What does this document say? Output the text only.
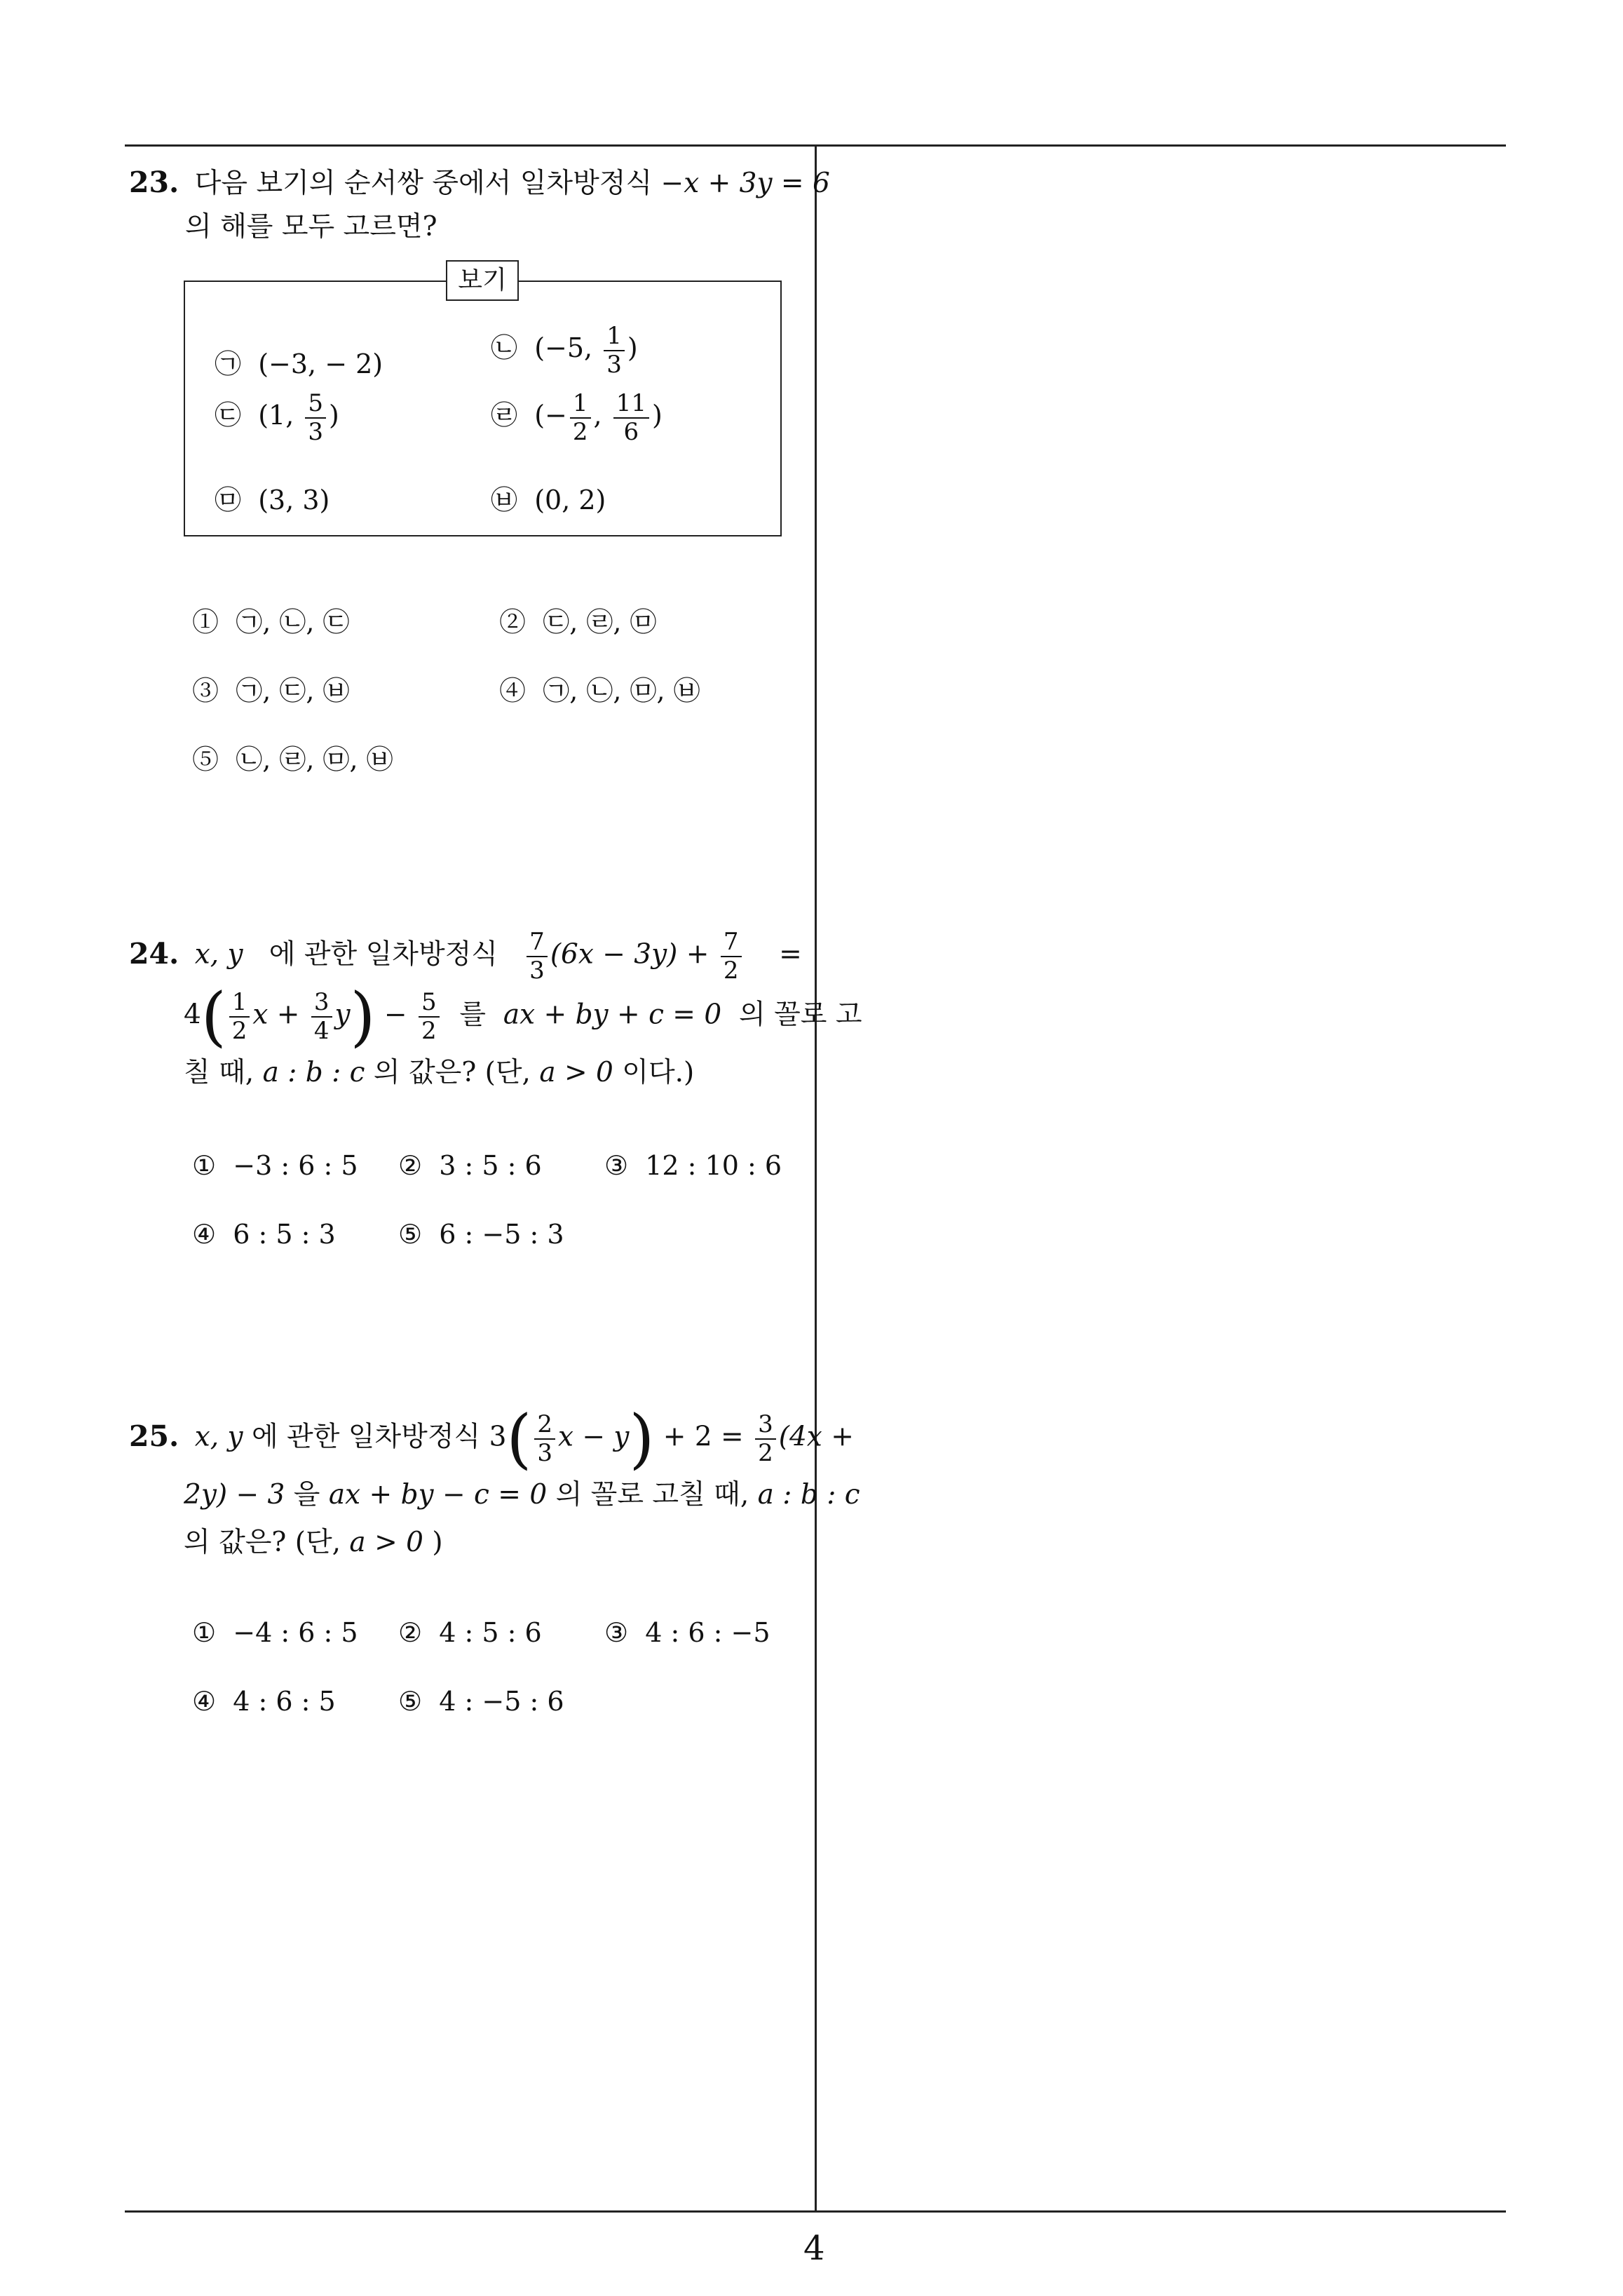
4
23. 다음 보기의 순서쌍 중에서 일차방정식 −x + 3y = 6
의 해를 모두 고르면?
보기
㉠ (−3, − 2)
㉡ (−5, $\frac{1}{3}$ )
㉢ (1, $\frac{5}{3}$ )	㉣ (− $\frac{1}{2}$ , $\frac{11}{6}$ )
㉤ (3, 3)	㉥ (0, 2)
① ㉠, ㉡, ㉢	② ㉢, ㉣, ㉤
③ ㉠, ㉢, ㉥	④ ㉠, ㉡, ㉤, ㉥
⑤ ㉡, ㉣, ㉤, ㉥
24. x, y 에 관한 일차방정식 $\frac{7}{3} (6x - 3y) + \frac{7}{2}$ =
$4( \frac{1}{2}$ $x + \frac{3}{4} y) - \frac{5}{2}$ 를 ax + by + c = 0 의 꼴로 고
칠 때, a : b : c 의 값은? (단, a > 0 이다.)
① −3 : 6 : 5 ② 3 : 5 : 6 ③ 12 : 10 : 6
④ 6 : 5 : 3 ⑤ 6 : −5 : 3
25. x, y 에 관한 일차방정식 $3( \frac{2}{3}$ $x - y) + 2 = \frac{3}{2} (4x$ +
2y) − 3 을 ax + by − c = 0 의 꼴로 고칠 때, a : b : c
의 값은? (단, a > 0 )
① −4 : 6 : 5 ② 4 : 5 : 6 ③ 4 : 6 : −5
④ 4 : 6 : 5 ⑤ 4 : −5 : 6
